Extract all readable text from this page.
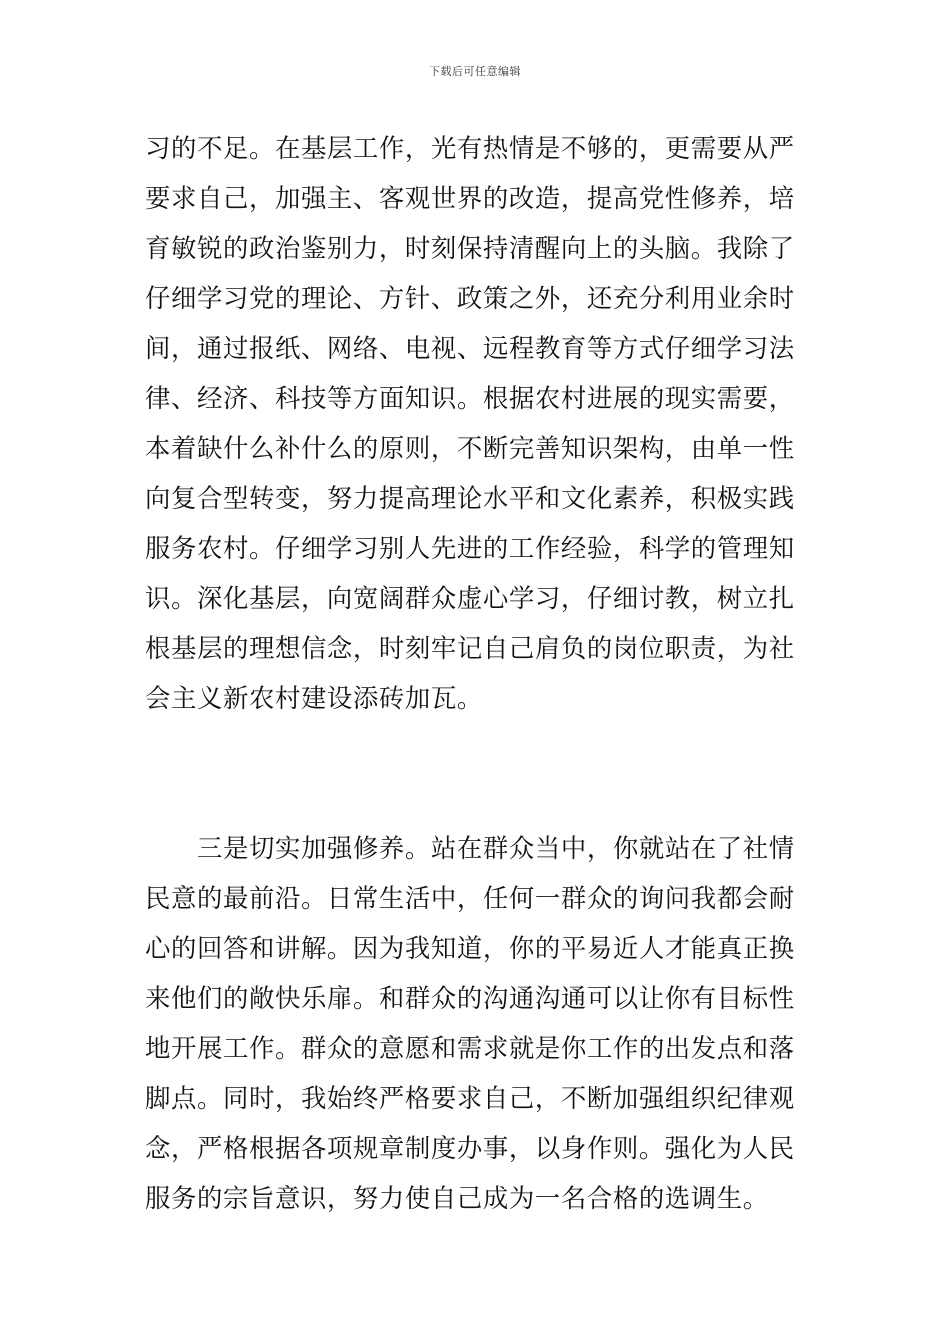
下载后可任意编辑
习的不足。在基层工作，光有热情是不够的，更需要从严
要求自己，加强主、客观世界的改造，提高党性修养，培
育敏锐的政治鉴别力，时刻保持清醒向上的头脑。我除了
仔细学习党的理论、方针、政策之外，还充分利用业余时
间，通过报纸、网络、电视、远程教育等方式仔细学习法
律、经济、科技等方面知识。根据农村进展的现实需要，
本着缺什么补什么的原则，不断完善知识架构，由单一性
向复合型转变，努力提高理论水平和文化素养，积极实践
服务农村。仔细学习别人先进的工作经验，科学的管理知
识。深化基层，向宽阔群众虚心学习，仔细讨教，树立扎
根基层的理想信念，时刻牢记自己肩负的岗位职责，为社
会主义新农村建设添砖加瓦。
三是切实加强修养。站在群众当中，你就站在了社情
民意的最前沿。日常生活中，任何一群众的询问我都会耐
心的回答和讲解。因为我知道，你的平易近人才能真正换
来他们的敞快乐扉。和群众的沟通沟通可以让你有目标性
地开展工作。群众的意愿和需求就是你工作的出发点和落
脚点。同时，我始终严格要求自己，不断加强组织纪律观
念，严格根据各项规章制度办事，以身作则。强化为人民
服务的宗旨意识，努力使自己成为一名合格的选调生。
